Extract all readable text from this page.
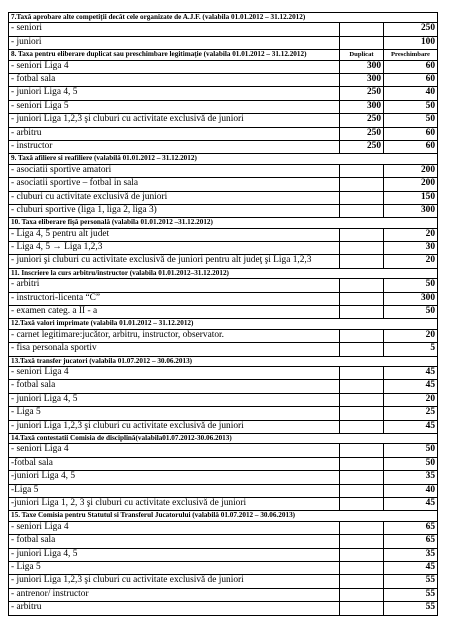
7.Taxă aprobare alte competiții decât cele organizate de A.J.F. (valabila 01.01.2012 – 31.12.2012)		
- seniori		250
- juniori		100
8. Taxa pentru eliberare duplicat sau preschimbare legitimaţie (valabila 01.01.2012 – 31.12.2012)	Duplicat	Preschimbare
- seniori Liga 4	300	60
- fotbal sala	300	60
- juniori Liga 4, 5	250	40
- seniori Liga 5	300	50
- juniori Liga 1,2,3 şi cluburi cu activitate exclusivă de juniori	250	50
- arbitru	250	60
- instructor	250	60
9. Taxă afiliere si reafiliere (valabilă 01.01.2012 – 31.12.2012)		
- asociatii sportive amatori		200
- asociatii sportive – fotbal in sala		200
- cluburi cu activitate exclusivă de juniori		150
- cluburi sportive (liga 1, liga 2, liga 3)		300
10. Taxa eliberare fişă personală (valabila 01.01.2012 –31.12.2012)		
- Liga 4, 5 pentru alt judet		20
- Liga 4, 5 → Liga 1,2,3		30
- juniori şi cluburi cu activitate exclusivă de juniori pentru alt judeţ şi Liga 1,2,3		20
11. Inscriere la curs arbitru/instructor (valabila 01.01.2012–31.12.2012)		
- arbitri		50
- instructori-licenta “C”		300
- examen categ. a II - a		50
12.Taxă valori imprimate (valabila 01.01.2012 – 31.12.2012)		
- carnet legitimare:jucător, arbitru, instructor, observator.		20
- fisa personala sportiv		5
13.Taxă transfer jucatori (valabila 01.07.2012 – 30.06.2013)		
- seniori Liga 4		45
- fotbal sala		45
- juniori Liga 4, 5		20
- Liga 5		25
- juniori Liga 1,2,3 şi cluburi cu activitate exclusivă de juniori		45
14.Taxă contestatii Comisia de disciplină(valabila01.07.2012-30.06.2013)		
- seniori Liga 4		50
-fotbal sala		50
-juniori Liga 4, 5		35
-Liga 5		40
-juniori Liga 1, 2, 3 şi cluburi cu activitate exclusivă de juniori		45
15. Taxe Comisia pentru Statutul si Transferul Jucatorului (valabilă 01.07.2012 – 30.06.2013)		
- seniori Liga 4		65
- fotbal sala		65
- juniori Liga 4, 5		35
- Liga 5		45
- juniori Liga 1,2,3 şi cluburi cu activitate exclusivă de juniori		55
- antrenor/ instructor		55
- arbitru		55
